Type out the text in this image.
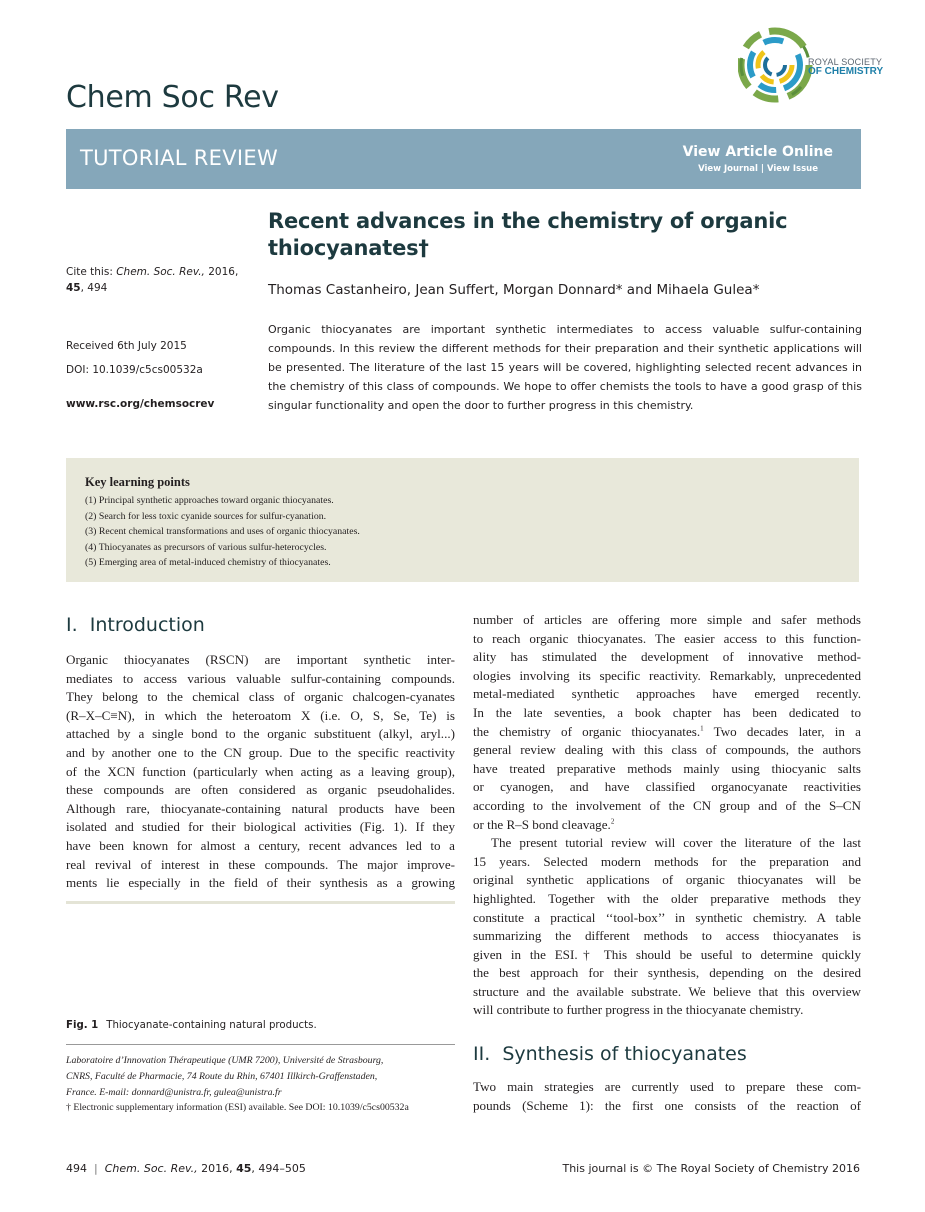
Chem Soc Rev
ROYAL SOCIETY
OF CHEMISTRY
TUTORIAL REVIEW	View Article Online
View Journal | View Issue
Recent advances in the chemistry of organic thiocyanates†
Thomas Castanheiro, Jean Suffert, Morgan Donnard* and Mihaela Gulea*
Cite this: Chem. Soc. Rev., 2016,
45, 494
Received 6th July 2015
DOI: 10.1039/c5cs00532a
www.rsc.org/chemsocrev
Organic thiocyanates are important synthetic intermediates to access valuable sulfur-containing compounds. In this review the different methods for their preparation and their synthetic applications will be presented. The literature of the last 15 years will be covered, highlighting selected recent advances in the chemistry of this class of compounds. We hope to offer chemists the tools to have a good grasp of this singular functionality and open the door to further progress in this chemistry.
Key learning points
(1) Principal synthetic approaches toward organic thiocyanates.
(2) Search for less toxic cyanide sources for sulfur-cyanation.
(3) Recent chemical transformations and uses of organic thiocyanates.
(4) Thiocyanates as precursors of various sulfur-heterocycles.
(5) Emerging area of metal-induced chemistry of thiocyanates.
I.  Introduction
Organic thiocyanates (RSCN) are important synthetic inter-
mediates to access various valuable sulfur-containing compounds.
They belong to the chemical class of organic chalcogen-cyanates
(R–X–C≡N), in which the heteroatom X (i.e. O, S, Se, Te) is
attached by a single bond to the organic substituent (alkyl, aryl...)
and by another one to the CN group. Due to the specific reactivity
of the XCN function (particularly when acting as a leaving group),
these compounds are often considered as organic pseudohalides.
Although rare, thiocyanate-containing natural products have been
isolated and studied for their biological activities (Fig. 1). If they
have been known for almost a century, recent advances led to a
real revival of interest in these compounds. The major improve-
ments lie especially in the field of their synthesis as a growing
Fig. 1 Thiocyanate-containing natural products.
Laboratoire d’Innovation Thérapeutique (UMR 7200), Université de Strasbourg,
CNRS, Faculté de Pharmacie, 74 Route du Rhin, 67401 Illkirch-Graffenstaden,
France. E-mail: donnard@unistra.fr, gulea@unistra.fr
† Electronic supplementary information (ESI) available. See DOI: 10.1039/c5cs00532a
number of articles are offering more simple and safer methods
to reach organic thiocyanates. The easier access to this function-
ality has stimulated the development of innovative method-
ologies involving its specific reactivity. Remarkably, unprecedented
metal-mediated synthetic approaches have emerged recently.
In the late seventies, a book chapter has been dedicated to
the chemistry of organic thiocyanates.$^1$ Two decades later, in a
general review dealing with this class of compounds, the authors
have treated preparative methods mainly using thiocyanic salts
or cyanogen, and have classified organocyanate reactivities
according to the involvement of the CN group and of the S–CN
or the R–S bond cleavage.$^2$
The present tutorial review will cover the literature of the last
15 years. Selected modern methods for the preparation and
original synthetic applications of organic thiocyanates will be
highlighted. Together with the older preparative methods they
constitute a practical ‘‘tool-box’’ in synthetic chemistry. A table
summarizing the different methods to access thiocyanates is
given in the ESI.† This should be useful to determine quickly
the best approach for their synthesis, depending on the desired
structure and the available substrate. We believe that this overview
will contribute to further progress in the thiocyanate chemistry.
II.  Synthesis of thiocyanates
Two main strategies are currently used to prepare these com-
pounds (Scheme 1): the first one consists of the reaction of
494  |  Chem. Soc. Rev., 2016, 45, 494–505	This journal is © The Royal Society of Chemistry 2016
